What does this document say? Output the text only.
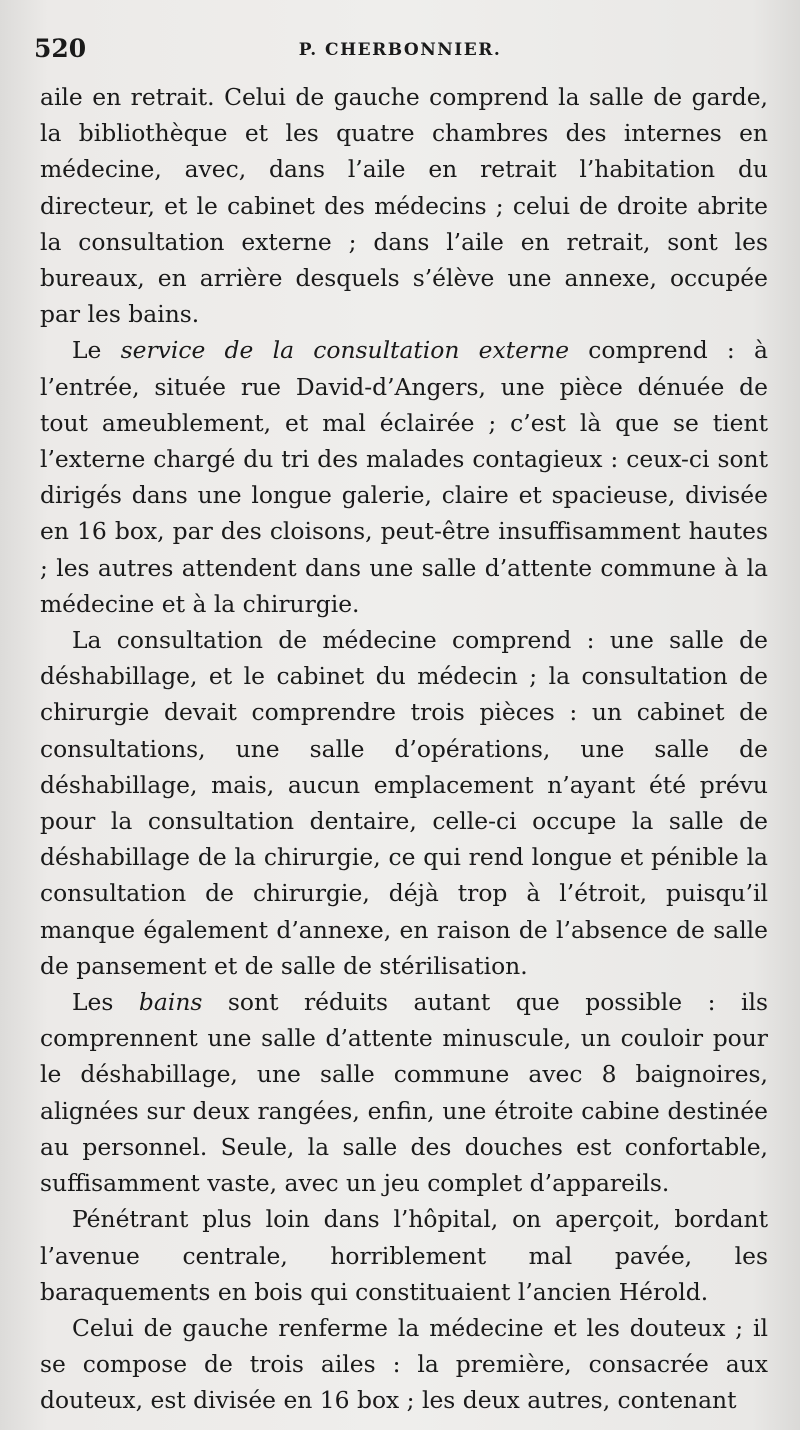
520	P. CHERBONNIER.

aile en retrait. Celui de gauche comprend la salle de garde, la bibliothèque et les quatre chambres des internes en médecine, avec, dans l’aile en retrait l’habitation du directeur, et le cabinet des médecins ; celui de droite abrite la consultation externe ; dans l’aile en retrait, sont les bureaux, en arrière desquels s’élève une annexe, occupée par les bains.

Le service de la consultation externe comprend : à l’entrée, située rue David-d’Angers, une pièce dénuée de tout ameublement, et mal éclairée ; c’est là que se tient l’externe chargé du tri des malades contagieux : ceux-ci sont dirigés dans une longue galerie, claire et spacieuse, divisée en 16 box, par des cloisons, peut-être insuffisamment hautes ; les autres attendent dans une salle d’attente commune à la médecine et à la chirurgie.

La consultation de médecine comprend : une salle de déshabillage, et le cabinet du médecin ; la consultation de chirurgie devait comprendre trois pièces : un cabinet de consultations, une salle d’opérations, une salle de déshabillage, mais, aucun emplacement n’ayant été prévu pour la consultation dentaire, celle-ci occupe la salle de déshabillage de la chirurgie, ce qui rend longue et pénible la consultation de chirurgie, déjà trop à l’étroit, puisqu’il manque également d’annexe, en raison de l’absence de salle de pansement et de salle de stérilisation.

Les bains sont réduits autant que possible : ils comprennent une salle d’attente minuscule, un couloir pour le déshabillage, une salle commune avec 8 baignoires, alignées sur deux rangées, enfin, une étroite cabine destinée au personnel. Seule, la salle des douches est confortable, suffisamment vaste, avec un jeu complet d’appareils.

Pénétrant plus loin dans l’hôpital, on aperçoit, bordant l’avenue centrale, horriblement mal pavée, les baraquements en bois qui constituaient l’ancien Hérold.

Celui de gauche renferme la médecine et les douteux ; il se compose de trois ailes : la première, consacrée aux douteux, est divisée en 16 box ; les deux autres, contenant
